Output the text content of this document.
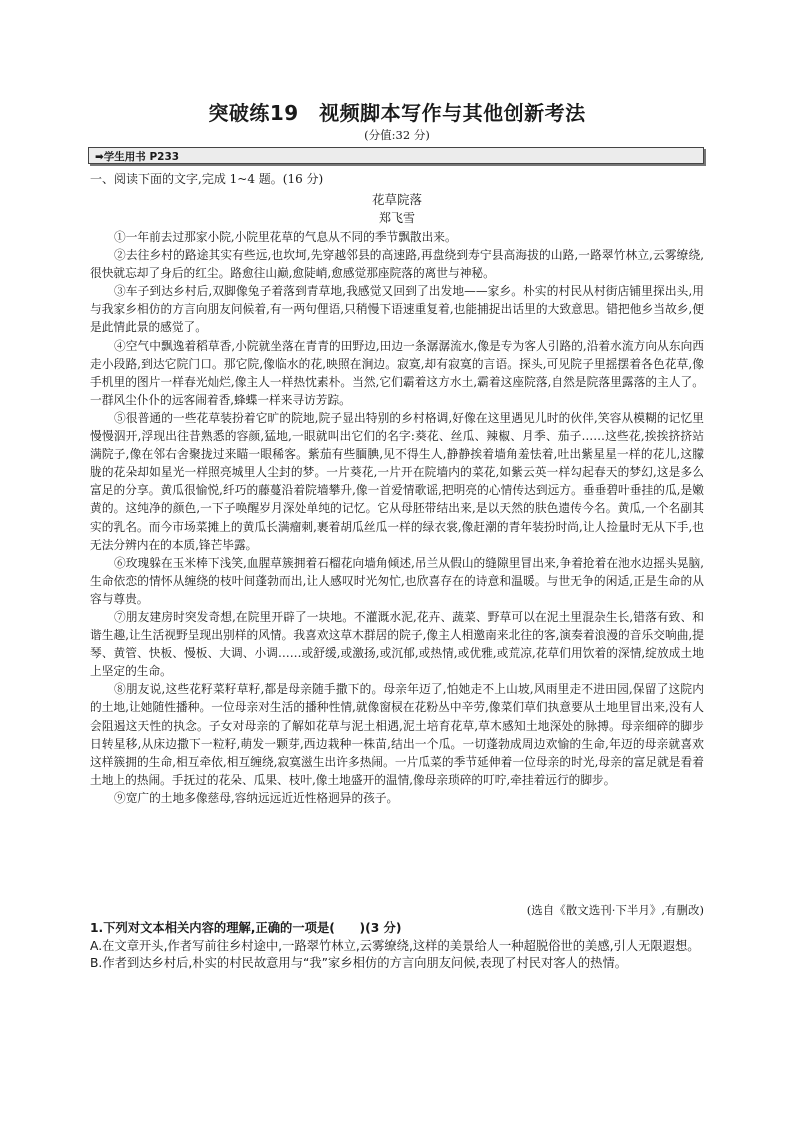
突破练19　视频脚本写作与其他创新考法
(分值:32 分)
➡学生用书 P233
一、阅读下面的文字,完成 1~4 题。(16 分)
花草院落
郑飞雪

①一年前去过那家小院,小院里花草的气息从不同的季节飘散出来。

②去往乡村的路途其实有些远,也坎坷,先穿越邻县的高速路,再盘绕到寿宁县高海拔的山路,一路翠竹林立,云雾缭绕,很快就忘却了身后的红尘。路愈往山巅,愈陡峭,愈感觉那座院落的离世与神秘。

③车子到达乡村后,双脚像兔子着落到青草地,我感觉又回到了出发地——家乡。朴实的村民从村街店铺里探出头,用与我家乡相仿的方言向朋友问候着,有一两句俚语,只稍慢下语速重复着,也能捕捉出话里的大致意思。错把他乡当故乡,便是此情此景的感觉了。

④空气中飘逸着稻草香,小院就坐落在青青的田野边,田边一条潺潺流水,像是专为客人引路的,沿着水流方向从东向西走小段路,到达它院门口。那它院,像临水的花,映照在涧边。寂寞,却有寂寞的言语。探头,可见院子里摇摆着各色花草,像手机里的图片一样春光灿烂,像主人一样热忱素朴。当然,它们霸着这方水土,霸着这座院落,自然是院落里露落的主人了。一群风尘仆仆的远客闹着香,蜂蝶一样来寻访芳踪。

⑤很普通的一些花草装扮着它旷的院地,院子显出特别的乡村格调,好像在这里遇见儿时的伙伴,笑容从模糊的记忆里慢慢泅开,浮现出往昔熟悉的容颜,猛地,一眼就叫出它们的名字:葵花、丝瓜、辣椒、月季、茄子……这些花,挨挨挤挤站满院子,像在邻右舍聚拢过来瞄一眼稀客。紫茄有些腼腆,见不得生人,静静挨着墙角羞怯着,吐出紫星星一样的花儿,这朦胧的花朵却如星光一样照亮城里人尘封的梦。一片葵花,一片开在院墙内的菜花,如紫云英一样勾起春天的梦幻,这是多么富足的分享。黄瓜很愉悦,纤巧的藤蔓沿着院墙攀升,像一首爱情歌谣,把明亮的心情传达到远方。垂垂碧叶垂挂的瓜,是嫩黄的。这纯净的颜色,一下子唤醒岁月深处单纯的记忆。它从母胚带结出来,是以天然的肤色遗传今名。黄瓜,一个名副其实的乳名。而今市场菜摊上的黄瓜长满瘤刺,裹着胡瓜丝瓜一样的绿衣裳,像赶潮的青年装扮时尚,让人捡量时无从下手,也无法分辨内在的本质,锋芒毕露。

⑥玫瑰躲在玉米棒下浅笑,血腥草簇拥着石榴花向墙角倾述,吊兰从假山的缝隙里冒出来,争着抢着在池水边摇头晃脑,生命依恋的情怀从缠绕的枝叶间蓬勃而出,让人感叹时光匆忙,也欣喜存在的诗意和温暖。与世无争的闲适,正是生命的从容与尊贵。

⑦朋友建房时突发奇想,在院里开辟了一块地。不灌溉水泥,花卉、蔬菜、野草可以在泥土里混杂生长,错落有致、和谐生趣,让生活视野呈现出别样的风情。我喜欢这草木群居的院子,像主人相邀南来北往的客,演奏着浪漫的音乐交响曲,提琴、黄管、快板、慢板、大调、小调……或舒缓,或激扬,或沉郁,或热情,或优雅,或荒凉,花草们用饮着的深情,绽放成土地上坚定的生命。

⑧朋友说,这些花籽菜籽草籽,都是母亲随手撒下的。母亲年迈了,怕她走不上山坡,风雨里走不进田园,保留了这院内的土地,让她随性播种。一位母亲对生活的播种性情,就像窗棂在花粉丛中辛劳,像菜们草们执意要从土地里冒出来,没有人会阻遏这天性的执念。子女对母亲的了解如花草与泥土相遇,泥土培育花草,草木感知土地深处的脉搏。母亲细碎的脚步日转星移,从床边撒下一粒籽,萌发一颗芽,西边栽种一株苗,结出一个瓜。一切蓬勃成周边欢愉的生命,年迈的母亲就喜欢这样簇拥的生命,相互牵依,相互缠绕,寂寞滋生出许多热闹。一片瓜菜的季节延伸着一位母亲的时光,母亲的富足就是看着土地上的热闹。手抚过的花朵、瓜果、枝叶,像土地盛开的温情,像母亲琐碎的叮咛,牵挂着远行的脚步。

⑨宽广的土地多像慈母,容纳远远近近性格迥异的孩子。

(选自《散文选刊·下半月》,有删改)
1.下列对文本相关内容的理解,正确的一项是(　　)(3 分)
A.在文章开头,作者写前往乡村途中,一路翠竹林立,云雾缭绕,这样的美景给人一种超脱俗世的美感,引人无限遐想。
B.作者到达乡村后,朴实的村民故意用与“我”家乡相仿的方言向朋友问候,表现了村民对客人的热情。
